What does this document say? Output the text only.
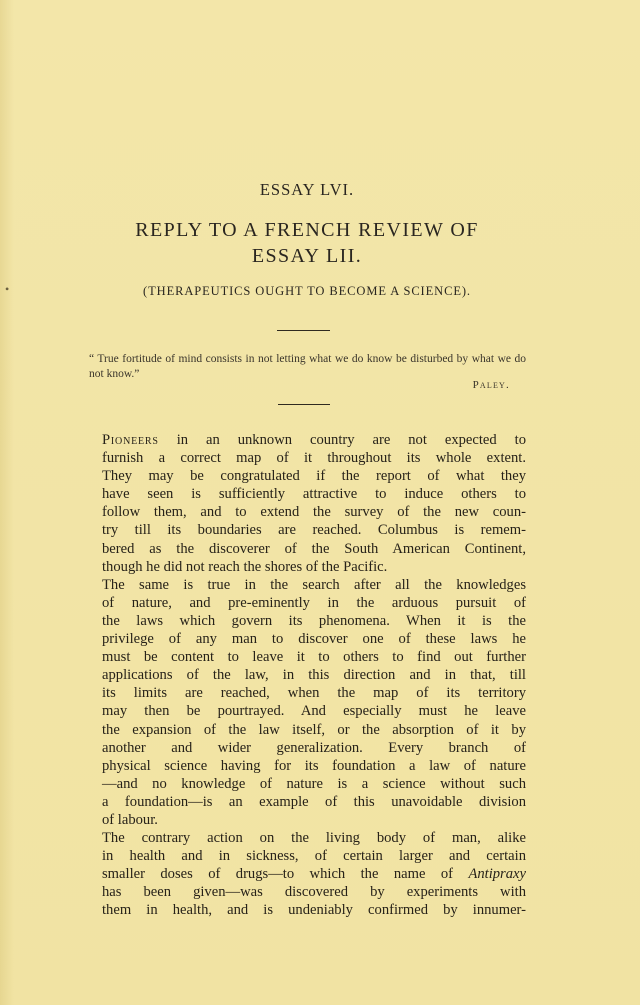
•
ESSAY LVI.
REPLY TO A FRENCH REVIEW OF
ESSAY LII.
(THERAPEUTICS OUGHT TO BECOME A SCIENCE).
“ True fortitude of mind consists in not letting what we do know be disturbed by what we do not know.”
Paley.

Pioneers in an unknown country are not expected to
furnish a correct map of it throughout its whole extent.
They may be congratulated if the report of what they
have seen is sufficiently attractive to induce others to
follow them, and to extend the survey of the new coun-
try till its boundaries are reached. Columbus is remem-
bered as the discoverer of the South American Continent,
though he did not reach the shores of the Pacific.

The same is true in the search after all the knowledges
of nature, and pre-eminently in the arduous pursuit of
the laws which govern its phenomena. When it is the
privilege of any man to discover one of these laws he
must be content to leave it to others to find out further
applications of the law, in this direction and in that, till
its limits are reached, when the map of its territory
may then be pourtrayed. And especially must he leave
the expansion of the law itself, or the absorption of it by
another and wider generalization. Every branch of
physical science having for its foundation a law of nature
—and no knowledge of nature is a science without such
a foundation—is an example of this unavoidable division
of labour.

The contrary action on the living body of man, alike
in health and in sickness, of certain larger and certain
smaller doses of drugs—to which the name of Antipraxy
has been given—was discovered by experiments with
them in health, and is undeniably confirmed by innumer-
